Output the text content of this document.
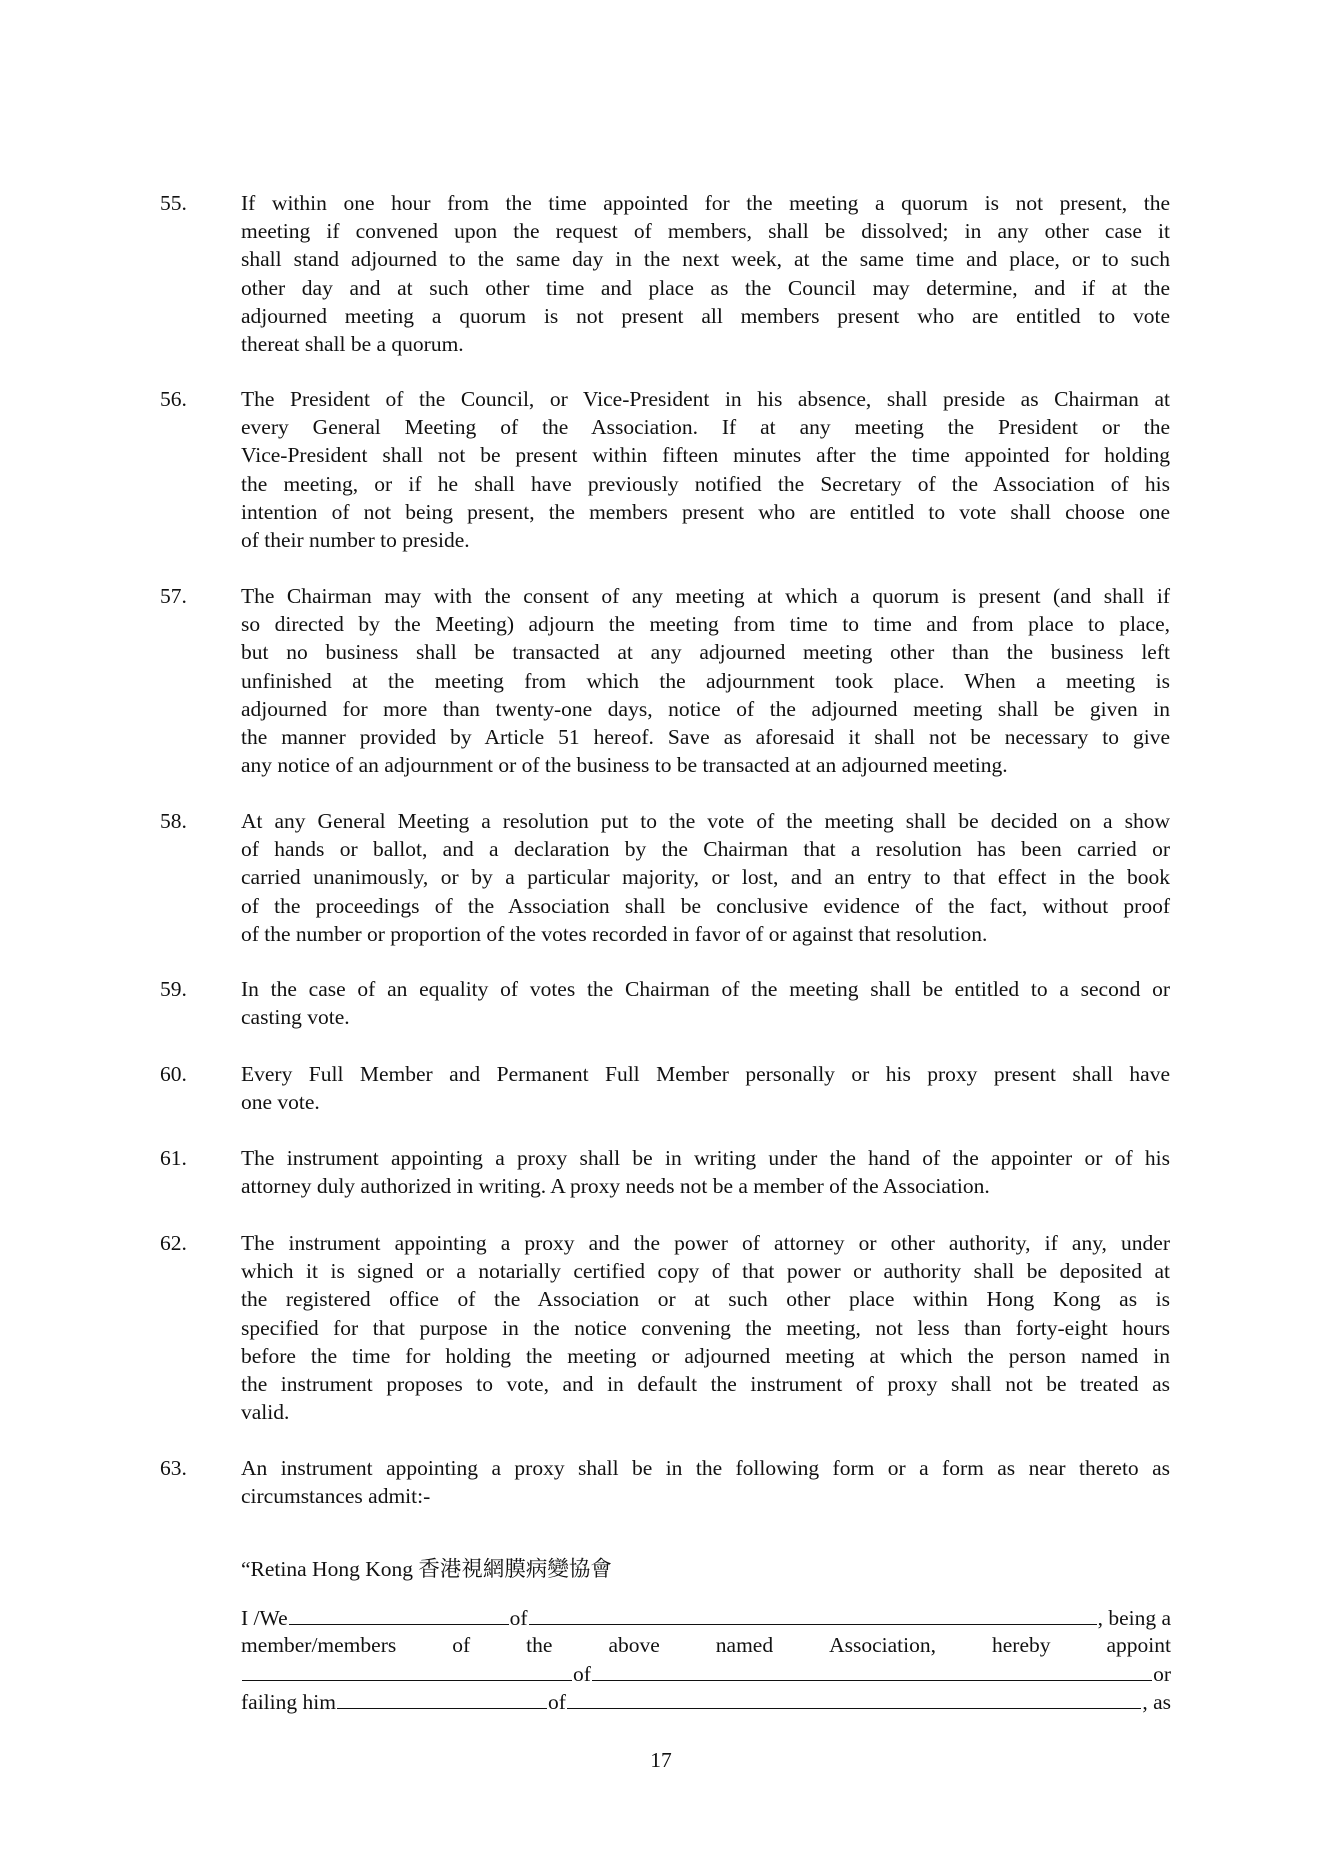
55.	If within one hour from the time appointed for the meeting a quorum is not present, the
meeting if convened upon the request of members, shall be dissolved; in any other case it
shall stand adjourned to the same day in the next week, at the same time and place, or to such
other day and at such other time and place as the Council may determine, and if at the
adjourned meeting a quorum is not present all members present who are entitled to vote
thereat shall be a quorum.
56.	The President of the Council, or Vice-President in his absence, shall preside as Chairman at
every General Meeting of the Association. If at any meeting the President or the
Vice-President shall not be present within fifteen minutes after the time appointed for holding
the meeting, or if he shall have previously notified the Secretary of the Association of his
intention of not being present, the members present who are entitled to vote shall choose one
of their number to preside.
57.	The Chairman may with the consent of any meeting at which a quorum is present (and shall if
so directed by the Meeting) adjourn the meeting from time to time and from place to place,
but no business shall be transacted at any adjourned meeting other than the business left
unfinished at the meeting from which the adjournment took place. When a meeting is
adjourned for more than twenty-one days, notice of the adjourned meeting shall be given in
the manner provided by Article 51 hereof. Save as aforesaid it shall not be necessary to give
any notice of an adjournment or of the business to be transacted at an adjourned meeting.
58.	At any General Meeting a resolution put to the vote of the meeting shall be decided on a show
of hands or ballot, and a declaration by the Chairman that a resolution has been carried or
carried unanimously, or by a particular majority, or lost, and an entry to that effect in the book
of the proceedings of the Association shall be conclusive evidence of the fact, without proof
of the number or proportion of the votes recorded in favor of or against that resolution.
59.	In the case of an equality of votes the Chairman of the meeting shall be entitled to a second or
casting vote.
60.	Every Full Member and Permanent Full Member personally or his proxy present shall have
one vote.
61.	The instrument appointing a proxy shall be in writing under the hand of the appointer or of his
attorney duly authorized in writing. A proxy needs not be a member of the Association.
62.	The instrument appointing a proxy and the power of attorney or other authority, if any, under
which it is signed or a notarially certified copy of that power or authority shall be deposited at
the registered office of the Association or at such other place within Hong Kong as is
specified for that purpose in the notice convening the meeting, not less than forty-eight hours
before the time for holding the meeting or adjourned meeting at which the person named in
the instrument proposes to vote, and in default the instrument of proxy shall not be treated as
valid.
63.	An instrument appointing a proxy shall be in the following form or a form as near thereto as
circumstances admit:-
“Retina Hong Kong 香港視網膜病變協會
I /We	of	, being a
member/members	of	the	above	named	Association,	hereby	appoint
of	or
failing him	of	, as
17
